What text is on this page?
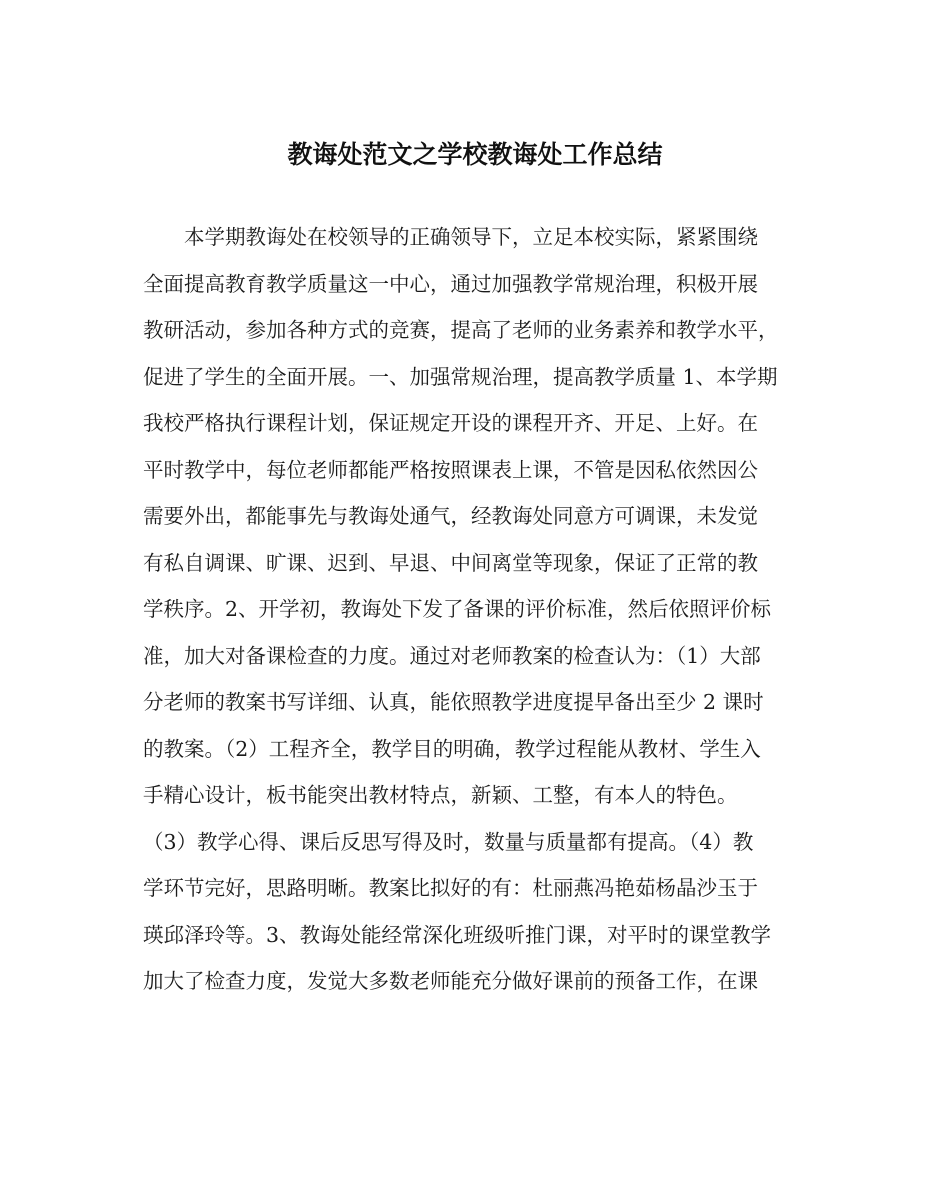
教诲处范文之学校教诲处工作总结
本学期教诲处在校领导的正确领导下，立足本校实际，紧紧围绕
全面提高教育教学质量这一中心，通过加强教学常规治理，积极开展
教研活动，参加各种方式的竞赛，提高了老师的业务素养和教学水平，
促进了学生的全面开展。一、加强常规治理，提高教学质量 1、本学期
我校严格执行课程计划，保证规定开设的课程开齐、开足、上好。在
平时教学中，每位老师都能严格按照课表上课，不管是因私依然因公
需要外出，都能事先与教诲处通气，经教诲处同意方可调课，未发觉
有私自调课、旷课、迟到、早退、中间离堂等现象，保证了正常的教
学秩序。2、开学初，教诲处下发了备课的评价标准，然后依照评价标
准，加大对备课检查的力度。通过对老师教案的检查认为：（1）大部
分老师的教案书写详细、认真，能依照教学进度提早备出至少 2 课时
的教案。（2）工程齐全，教学目的明确，教学过程能从教材、学生入
手精心设计，板书能突出教材特点，新颖、工整，有本人的特色。
（3）教学心得、课后反思写得及时，数量与质量都有提高。（4）教
学环节完好，思路明晰。教案比拟好的有：杜丽燕冯艳茹杨晶沙玉于
瑛邱泽玲等。3、教诲处能经常深化班级听推门课，对平时的课堂教学
加大了检查力度，发觉大多数老师能充分做好课前的预备工作，在课
